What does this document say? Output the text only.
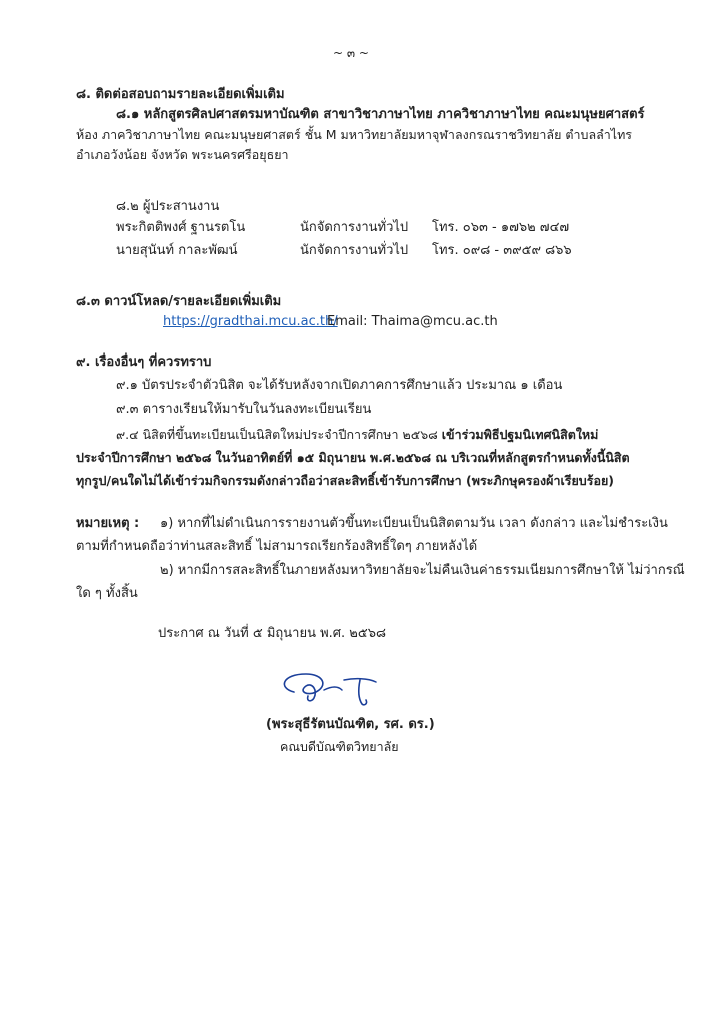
~ ๓ ~
๘. ติดต่อสอบถามรายละเอียดเพิ่มเติม
๘.๑ หลักสูตรศิลปศาสตรมหาบัณฑิต สาขาวิชาภาษาไทย ภาควิชาภาษาไทย คณะมนุษยศาสตร์
ห้อง ภาควิชาภาษาไทย คณะมนุษยศาสตร์ ชั้น M มหาวิทยาลัยมหาจุฬาลงกรณราชวิทยาลัย ตำบลลำไทร
อำเภอวังน้อย จังหวัด พระนครศรีอยุธยา
๘.๒ ผู้ประสานงาน
พระกิตติพงศ์ ฐานรตโน	นักจัดการงานทั่วไป โทร. ๐๖๓ - ๑๗๖๒ ๗๔๗
นายสุนันท์ กาละพัฒน์	นักจัดการงานทั่วไป โทร. ๐๙๘ - ๓๙๕๙ ๘๖๖
๘.๓ ดาวน์โหลด/รายละเอียดเพิ่มเติม
https://gradthai.mcu.ac.th/
Email: Thaima@mcu.ac.th
๙. เรื่องอื่นๆ ที่ควรทราบ
๙.๑ บัตรประจำตัวนิสิต จะได้รับหลังจากเปิดภาคการศึกษาแล้ว ประมาณ ๑ เดือน
๙.๓ ตารางเรียนให้มารับในวันลงทะเบียนเรียน
๙.๔ นิสิตที่ขึ้นทะเบียนเป็นนิสิตใหม่ประจำปีการศึกษา ๒๕๖๘ เข้าร่วมพิธีปฐมนิเทศนิสิตใหม่
ประจำปีการศึกษา ๒๕๖๘ ในวันอาทิตย์ที่ ๑๕ มิถุนายน พ.ศ.๒๕๖๘ ณ บริเวณที่หลักสูตรกำหนดทั้งนี้นิสิต
ทุกรูป/คนใดไม่ได้เข้าร่วมกิจกรรมดังกล่าวถือว่าสละสิทธิ์เข้ารับการศึกษา (พระภิกษุครองผ้าเรียบร้อย)
หมายเหตุ : ๑) หากที่ไม่ดำเนินการรายงานตัวขึ้นทะเบียนเป็นนิสิตตามวัน เวลา ดังกล่าว และไม่ชำระเงิน
ตามที่กำหนดถือว่าท่านสละสิทธิ์ ไม่สามารถเรียกร้องสิทธิ์ใดๆ ภายหลังได้
๒) หากมีการสละสิทธิ์ในภายหลังมหาวิทยาลัยจะไม่คืนเงินค่าธรรมเนียมการศึกษาให้ ไม่ว่ากรณี
ใด ๆ ทั้งสิ้น
ประกาศ ณ วันที่ ๕ มิถุนายน พ.ศ. ๒๕๖๘
(พระสุธีรัตนบัณฑิต, รศ. ดร.)
คณบดีบัณฑิตวิทยาลัย
